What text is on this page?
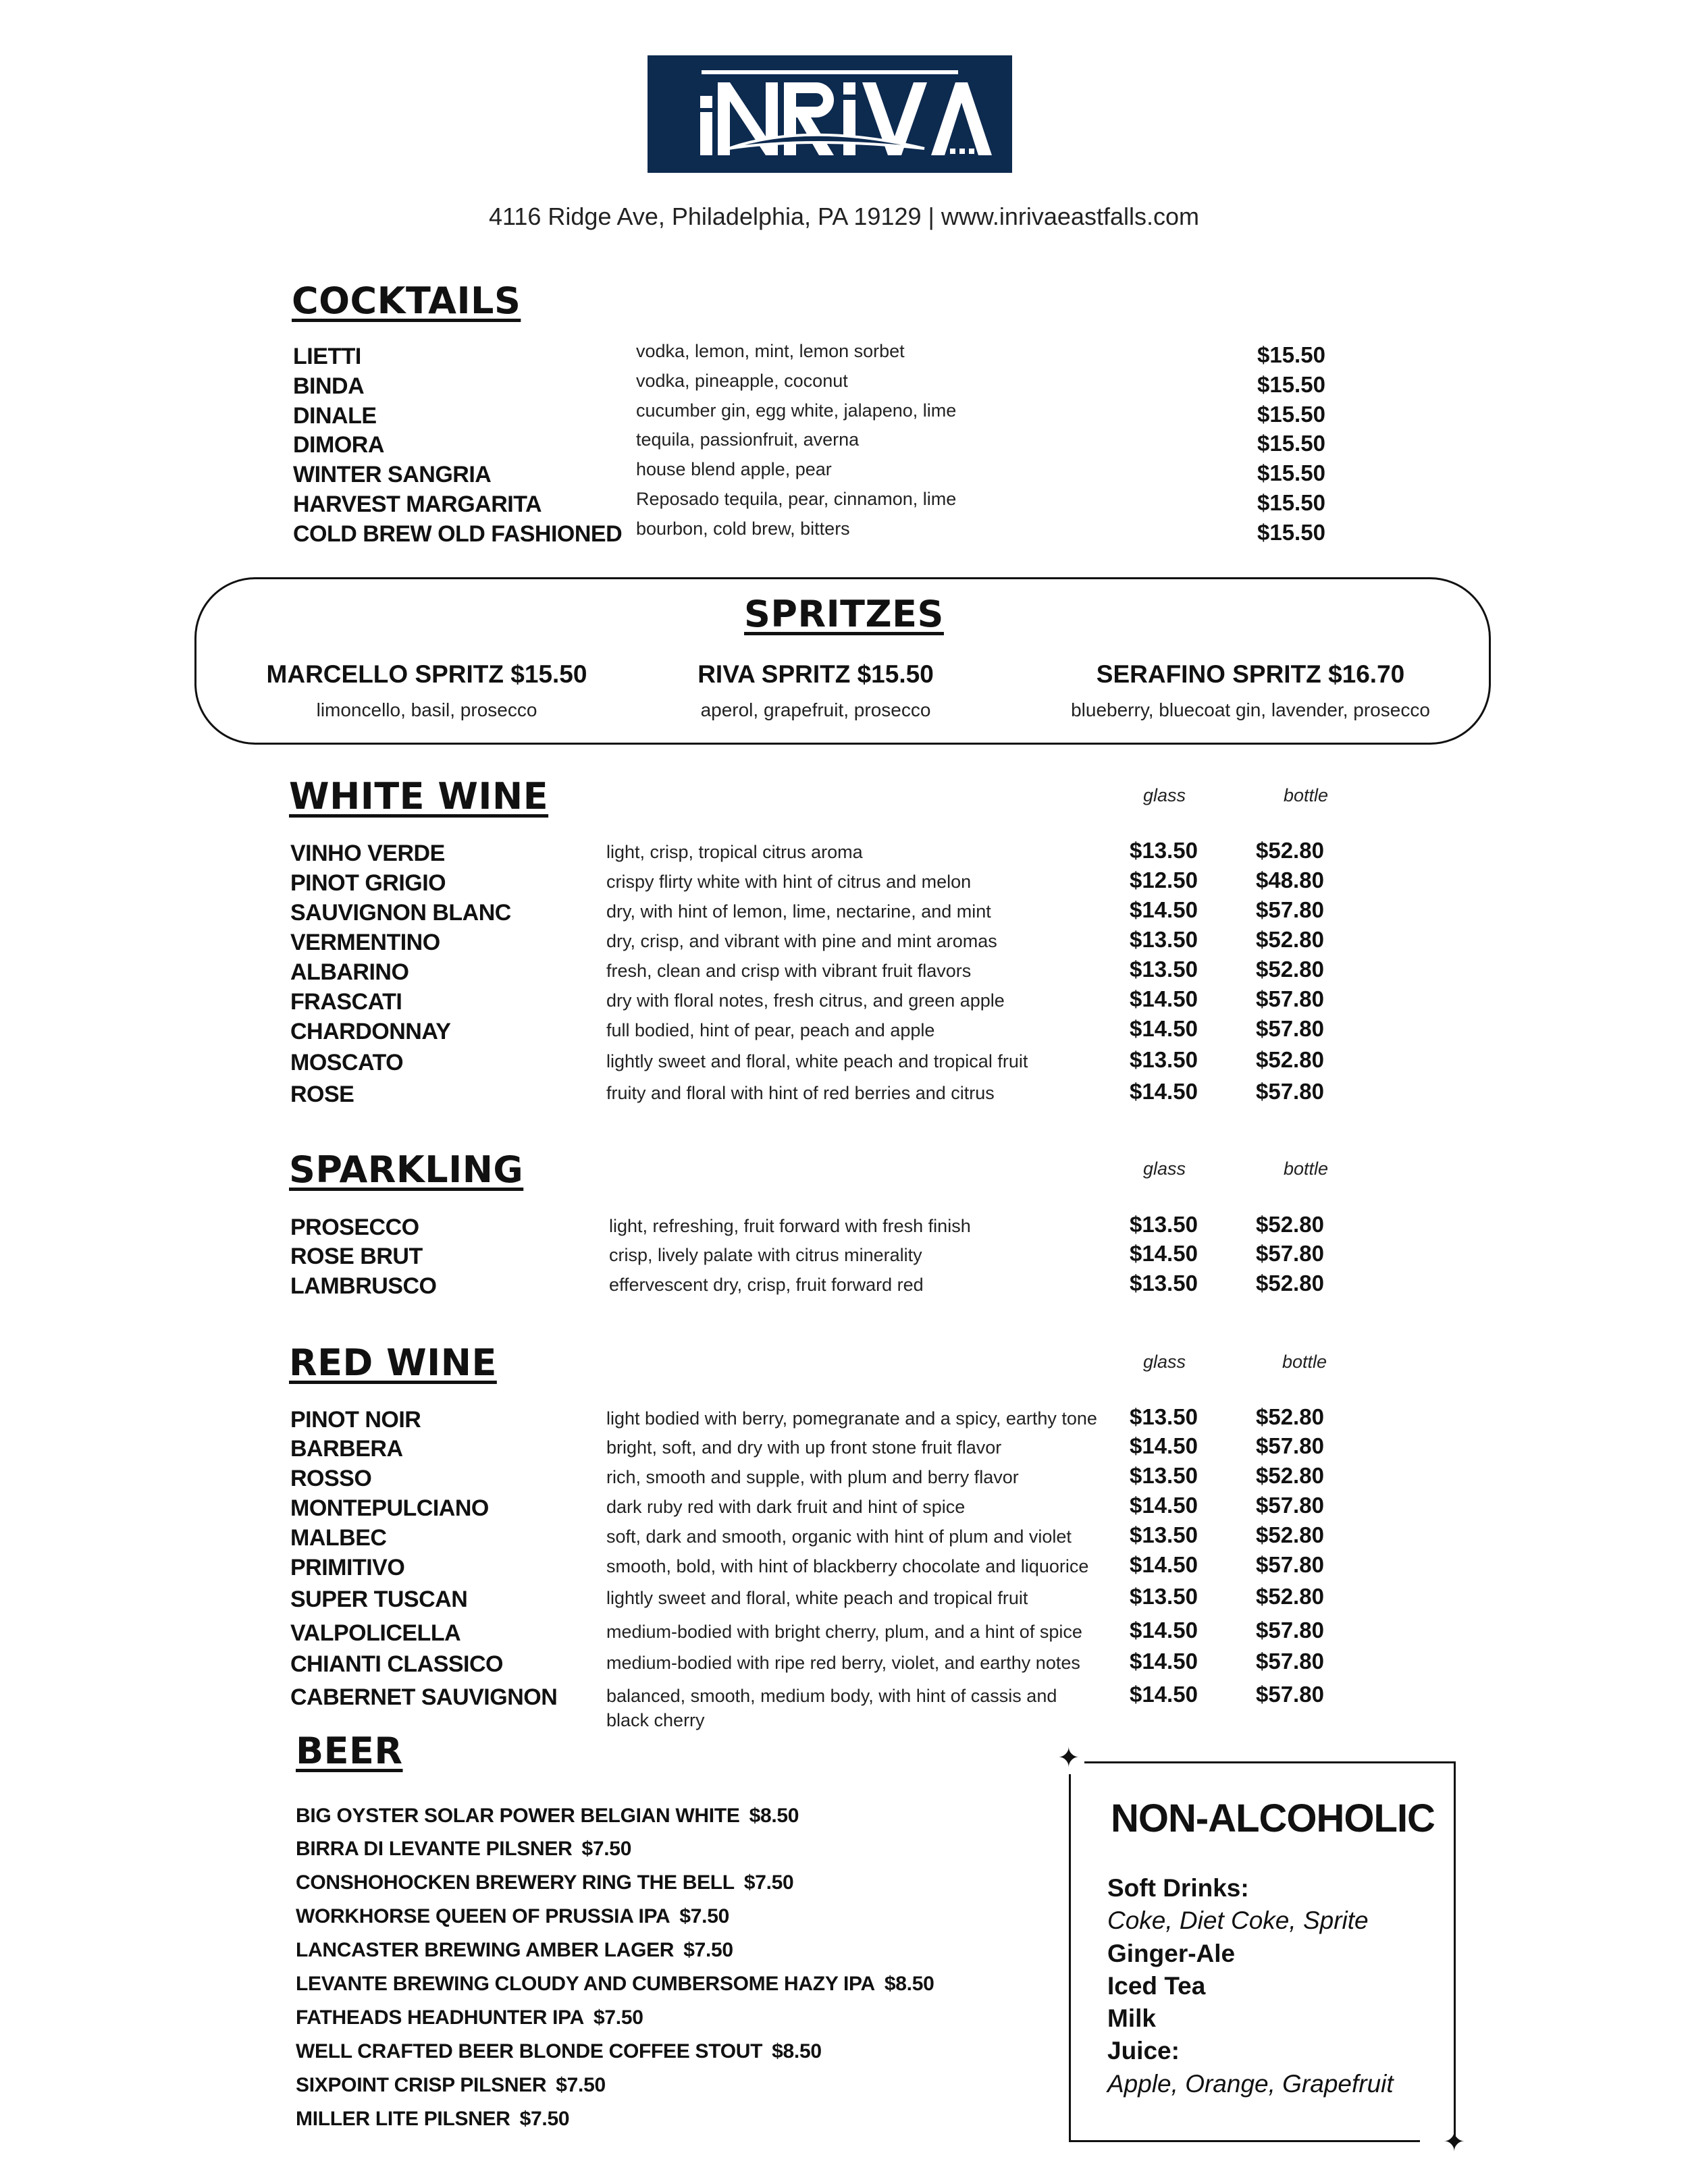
4116 Ridge Ave, Philadelphia, PA 19129 | www.inrivaeastfalls.com
COCKTAILS
LIETTI	vodka, lemon, mint, lemon sorbet	$15.50
BINDA	vodka, pineapple, coconut	$15.50
DINALE	cucumber gin, egg white, jalapeno, lime	$15.50
DIMORA	tequila, passionfruit, averna	$15.50
WINTER SANGRIA	house blend apple, pear	$15.50
HARVEST MARGARITA	Reposado tequila, pear, cinnamon, lime	$15.50
COLD BREW OLD FASHIONED bourbon, cold brew, bitters	$15.50
SPRITZES
MARCELLO SPRITZ $15.50
limoncello, basil, prosecco
RIVA SPRITZ $15.50
aperol, grapefruit, prosecco
SERAFINO SPRITZ $16.70
blueberry, bluecoat gin, lavender, prosecco
WHITE WINE	glass	bottle
VINHO VERDE	light, crisp, tropical citrus aroma	$13.50	$52.80
PINOT GRIGIO	crispy flirty white with hint of citrus and melon	$12.50	$48.80
SAUVIGNON BLANC	dry, with hint of lemon, lime, nectarine, and mint	$14.50	$57.80
VERMENTINO	dry, crisp, and vibrant with pine and mint aromas	$13.50	$52.80
ALBARINO	fresh, clean and crisp with vibrant fruit flavors	$13.50	$52.80
FRASCATI	dry with floral notes, fresh citrus, and green apple	$14.50	$57.80
CHARDONNAY	full bodied, hint of pear, peach and apple	$14.50	$57.80
MOSCATO	lightly sweet and floral, white peach and tropical fruit	$13.50	$52.80
ROSE	fruity and floral with hint of red berries and citrus	$14.50	$57.80
SPARKLING	glass	bottle
PROSECCO	light, refreshing, fruit forward with fresh finish	$13.50	$52.80
ROSE BRUT	crisp, lively palate with citrus minerality	$14.50	$57.80
LAMBRUSCO	effervescent dry, crisp, fruit forward red	$13.50	$52.80
RED WINE	glass	bottle
PINOT NOIR	light bodied with berry, pomegranate and a spicy, earthy tone $13.50	$52.80
BARBERA	bright, soft, and dry with up front stone fruit flavor	$14.50	$57.80
ROSSO	rich, smooth and supple, with plum and berry flavor	$13.50	$52.80
MONTEPULCIANO	dark ruby red with dark fruit and hint of spice	$14.50	$57.80
MALBEC	soft, dark and smooth, organic with hint of plum and violet	$13.50	$52.80
PRIMITIVO	smooth, bold, with hint of blackberry chocolate and liquorice $14.50	$57.80
SUPER TUSCAN	lightly sweet and floral, white peach and tropical fruit	$13.50	$52.80
VALPOLICELLA	medium-bodied with bright cherry, plum, and a hint of spice $14.50	$57.80
CHIANTI CLASSICO	medium-bodied with ripe red berry, violet, and earthy notes $14.50	$57.80
CABERNET SAUVIGNON	balanced, smooth, medium body, with hint of cassis and
black cherry
$14.50	$57.80
BEER
BIG OYSTER SOLAR POWER BELGIAN WHITE $8.50
BIRRA DI LEVANTE PILSNER $7.50
CONSHOHOCKEN BREWERY RING THE BELL $7.50
WORKHORSE QUEEN OF PRUSSIA IPA $7.50
LANCASTER BREWING AMBER LAGER $7.50
LEVANTE BREWING CLOUDY AND CUMBERSOME HAZY IPA $8.50
FATHEADS HEADHUNTER IPA $7.50
WELL CRAFTED BEER BLONDE COFFEE STOUT $8.50
SIXPOINT CRISP PILSNER $7.50
MILLER LITE PILSNER $7.50
✦
✦
NON-ALCOHOLIC
Soft Drinks:
Coke, Diet Coke, Sprite
Ginger-Ale
Iced Tea
Milk
Juice:
Apple, Orange, Grapefruit
